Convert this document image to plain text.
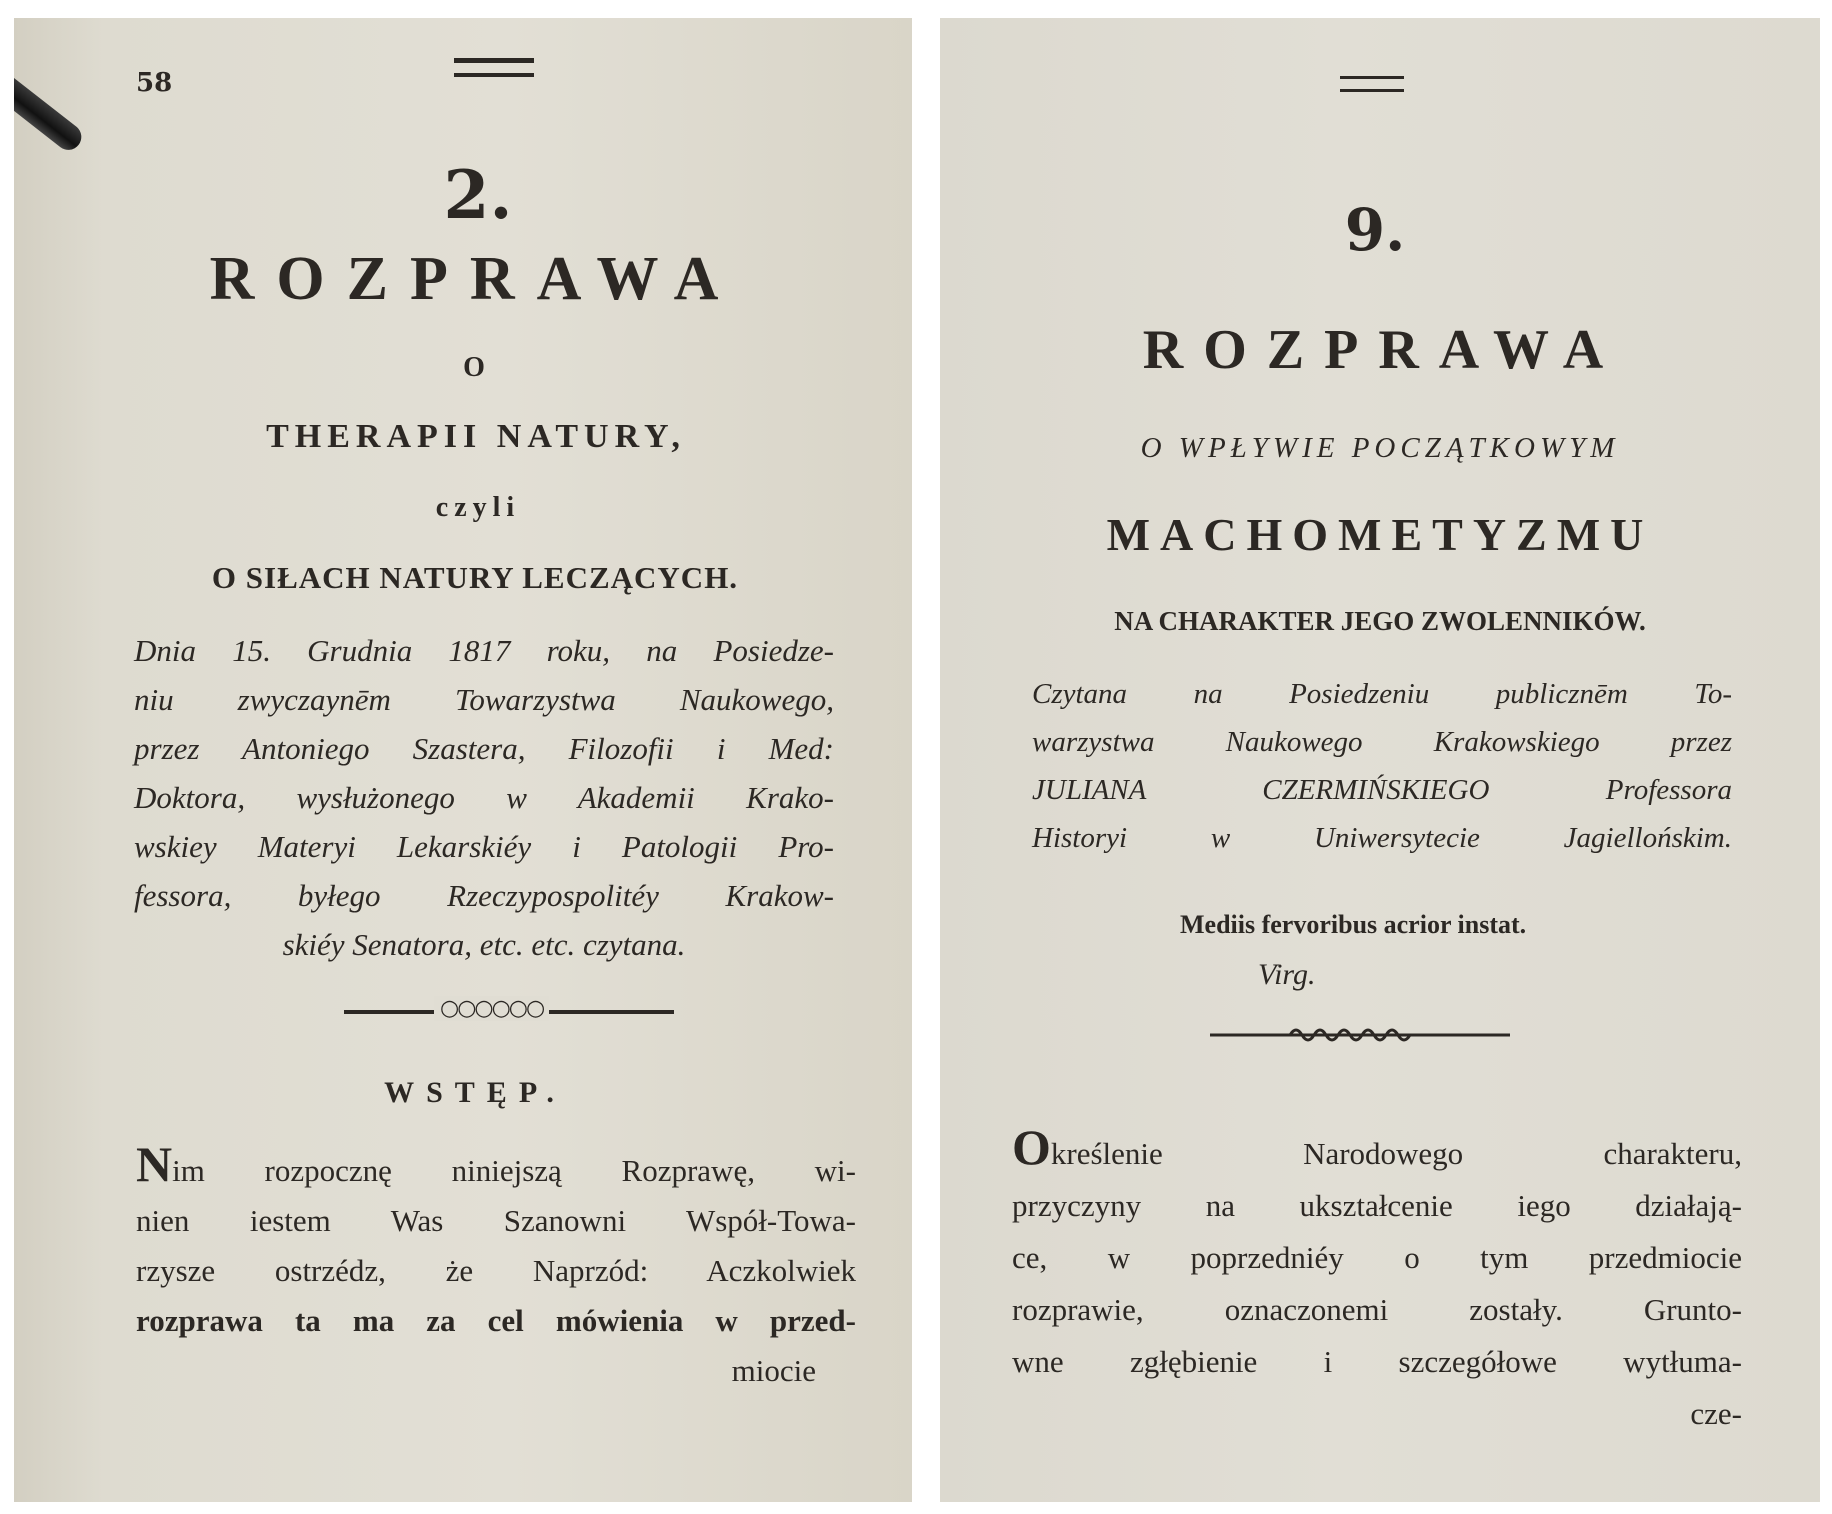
58
2.
ROZPRAWA
O
THERAPII NATURY,
czyli
O SIŁACH NATURY LECZĄCYCH.
Dnia 15. Grudnia 1817 roku, na Posiedze-
niu zwyczaynēm Towarzystwa Naukowego,
przez Antoniego Szastera, Filozofii i Med:
Doktora, wysłużonego w Akademii Krako-
wskiey Materyi Lekarskiéy i Patologii Pro-
fessora, byłego Rzeczypospolitéy Krakow-
skiéy Senatora, etc. etc. czytana.
○○○○○○
WSTĘP.
Nim rozpocznę niniejszą Rozprawę, wi-
nien iestem Was Szanowni Współ-Towa-
rzysze ostrzédz, że Naprzód: Aczkolwiek
rozprawa ta ma za cel mówienia w przed-
miocie
9.
ROZPRAWA
O WPŁYWIE POCZĄTKOWYM
MACHOMETYZMU
NA CHARAKTER JEGO ZWOLENNIKÓW.
Czytana na Posiedzeniu publicznēm To-
warzystwa Naukowego Krakowskiego przez
JULIANA CZERMIŃSKIEGO Professora
Historyi w Uniwersytecie Jagiellońskim.
Mediis fervoribus acrior instat.
Virg.
Określenie Narodowego charakteru,
przyczyny na ukształcenie iego działają-
ce, w poprzedniéy o tym przedmiocie
rozprawie, oznaczonemi zostały. Grunto-
wne zgłębienie i szczegółowe wytłuma-
cze-
